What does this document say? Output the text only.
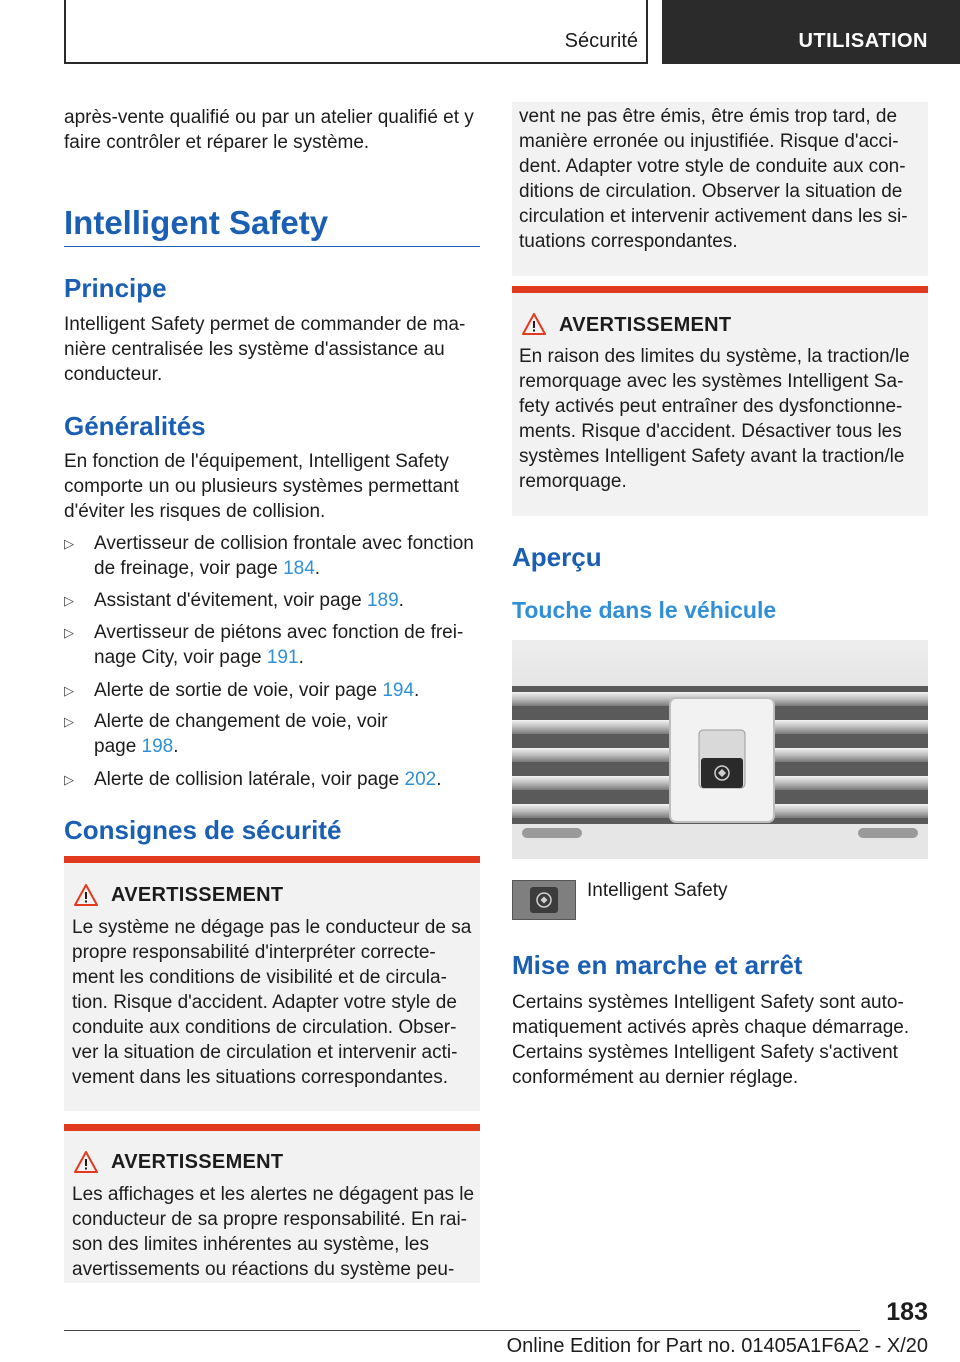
Sécurité	UTILISATION
après-vente qualifié ou par un atelier qualifié et y
faire contrôler et réparer le système.
Intelligent Safety
Principe
Intelligent Safety permet de commander de ma-
nière centralisée les système d'assistance au
conducteur.
Généralités
En fonction de l'équipement, Intelligent Safety
comporte un ou plusieurs systèmes permettant
d'éviter les risques de collision.
▷ Avertisseur de collision frontale avec fonction
de freinage, voir page 184.
▷ Assistant d'évitement, voir page 189.
▷ Avertisseur de piétons avec fonction de frei-
nage City, voir page 191.
▷ Alerte de sortie de voie, voir page 194.
▷ Alerte de changement de voie, voir
page 198.
▷ Alerte de collision latérale, voir page 202.
Consignes de sécurité
AVERTISSEMENT
Le système ne dégage pas le conducteur de sa
propre responsabilité d'interpréter correcte-
ment les conditions de visibilité et de circula-
tion. Risque d'accident. Adapter votre style de
conduite aux conditions de circulation. Obser-
ver la situation de circulation et intervenir acti-
vement dans les situations correspondantes.
AVERTISSEMENT
Les affichages et les alertes ne dégagent pas le
conducteur de sa propre responsabilité. En rai-
son des limites inhérentes au système, les
avertissements ou réactions du système peu-
vent ne pas être émis, être émis trop tard, de
manière erronée ou injustifiée. Risque d'acci-
dent. Adapter votre style de conduite aux con-
ditions de circulation. Observer la situation de
circulation et intervenir activement dans les si-
tuations correspondantes.
AVERTISSEMENT
En raison des limites du système, la traction/le
remorquage avec les systèmes Intelligent Sa-
fety activés peut entraîner des dysfonctionne-
ments. Risque d'accident. Désactiver tous les
systèmes Intelligent Safety avant la traction/le
remorquage.
Aperçu
Touche dans le véhicule
Intelligent Safety
Mise en marche et arrêt
Certains systèmes Intelligent Safety sont auto-
matiquement activés après chaque démarrage.
Certains systèmes Intelligent Safety s'activent
conformément au dernier réglage.
183
Online Edition for Part no. 01405A1F6A2 - X/20
